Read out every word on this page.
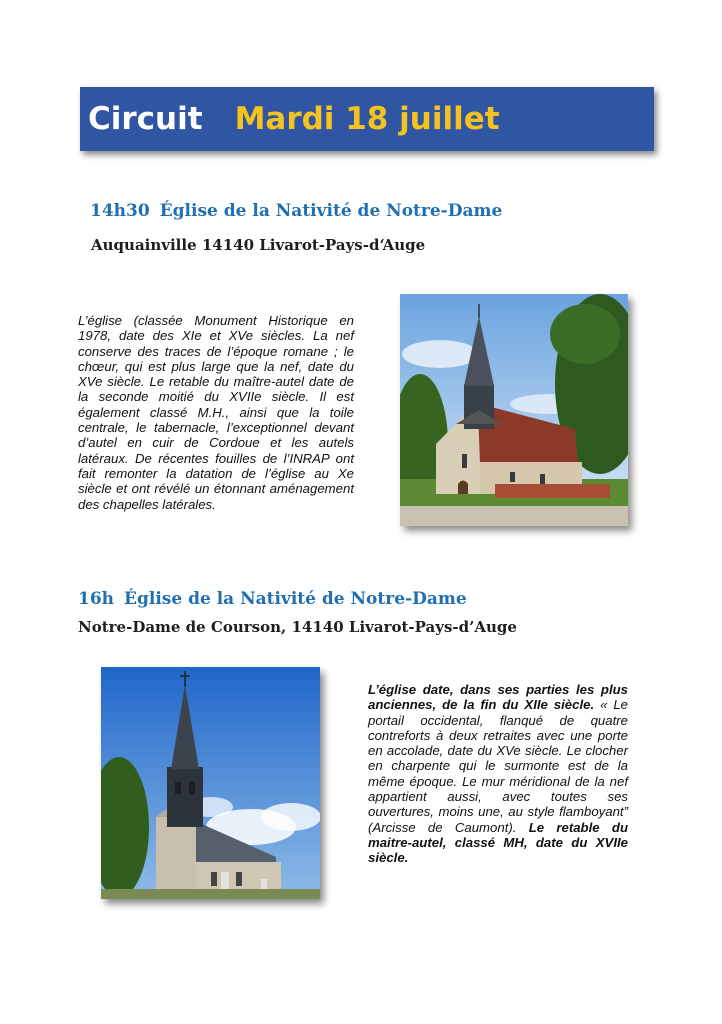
Circuit Mardi 18 juillet
14h30 Église de la Nativité de Notre-Dame
Auquainville 14140 Livarot-Pays-d‘Auge
L’église (classée Monument Historique en 1978, date des XIe et XVe siècles. La nef conserve des traces de l’époque romane ; le chœur, qui est plus large que la nef, date du XVe siècle. Le retable du maître-autel date de la seconde moitié du XVIIe siècle. Il est également classé M.H., ainsi que la toile centrale, le tabernacle, l’exceptionnel devant d’autel en cuir de Cordoue et les autels latéraux. De récentes fouilles de l’INRAP ont fait remonter la datation de l’église au Xe siècle et ont révélé un étonnant aménagement des chapelles latérales.
16h Église de la Nativité de Notre-Dame
Notre-Dame de Courson, 14140 Livarot-Pays-d’Auge
L’église date, dans ses parties les plus anciennes, de la fin du XIIe siècle. « Le portail occidental, flanqué de quatre contreforts à deux retraites avec une porte en accolade, date du XVe siècle. Le clocher en charpente qui le surmonte est de la même époque. Le mur méridional de la nef appartient aussi, avec toutes ses ouvertures, moins une, au style flamboyant” (Arcisse de Caumont). Le retable du maitre-autel, classé MH, date du XVIIe siècle.
